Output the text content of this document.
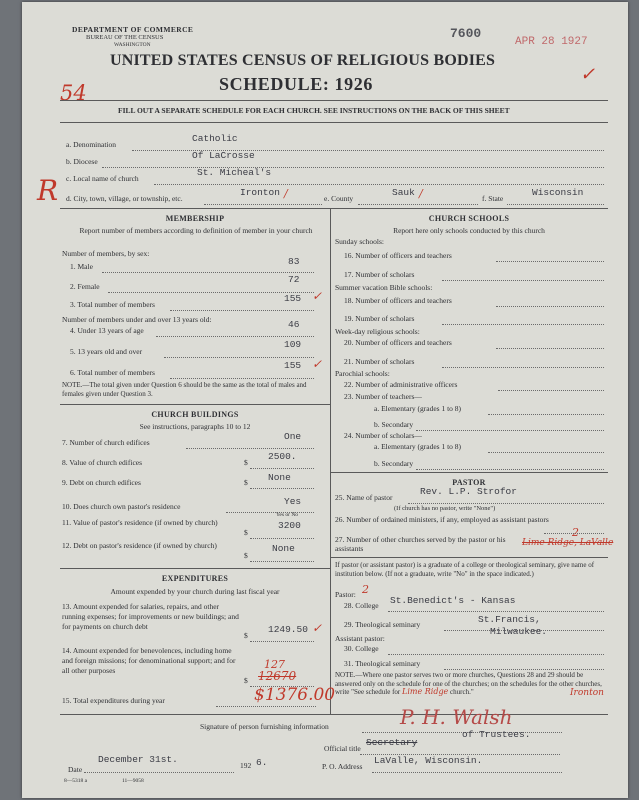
DEPARTMENT OF COMMERCE
BUREAU OF THE CENSUS
WASHINGTON
7600
APR 28 1927
✓
54
UNITED STATES CENSUS OF RELIGIOUS BODIES
SCHEDULE: 1926
FILL OUT A SEPARATE SCHEDULE FOR EACH CHURCH. SEE INSTRUCTIONS ON THE BACK OF THIS SHEET
a. Denomination
Catholic
b. Diocese
Of LaCrosse
c. Local name of church
St. Micheal's
R d. City, town, village, or township, etc.
Ironton /	e. County
Sauk /	f. State
Wisconsin
MEMBERSHIP
Report number of members according to definition of member in your church
Number of members, by sex:
1. Male	83
2. Female
72
3. Total number of members
155 ✓
Number of members under and over 13 years old:
4. Under 13 years of age
46
5. 13 years old and over
109
6. Total number of members
155 ✓
NOTE.—The total given under Question 6 should be the same as the total of males and females given under Question 3.
CHURCH BUILDINGS
See instructions, paragraphs 10 to 12
7. Number of church edifices
One
8. Value of church edifices	$
2500.
9. Debt on church edifices	$ None
10. Does church own pastor's residence	Yes
Yes or No
11. Value of pastor's residence (if owned by church)
$
3200
12. Debt on pastor's residence (if owned by church)
$
None
EXPENDITURES
Amount expended by your church during last fiscal year
13. Amount expended for salaries, repairs, and other running expenses; for improvements or new buildings; and for payments on church debt
$
1249.50 ✓
14. Amount expended for benevolences, including home and foreign missions; for denominational support; and for all other purposes
$
127
12670
15. Total expenditures during year	$1376.00
CHURCH SCHOOLS
Report here only schools conducted by this church
Sunday schools:
16. Number of officers and teachers
17. Number of scholars
Summer vacation Bible schools:
18. Number of officers and teachers
19. Number of scholars
Week-day religious schools:
20. Number of officers and teachers
21. Number of scholars
Parochial schools:
22. Number of administrative officers
23. Number of teachers—
a. Elementary (grades 1 to 8)
b. Secondary
24. Number of scholars—
a. Elementary (grades 1 to 8)
b. Secondary
PASTOR
25. Name of pastor
Rev. L.P. Strofor
(If church has no pastor, write "None")
26. Number of ordained ministers, if any, employed as assistant pastors
27. Number of other churches served by the pastor or his assistants
2
Lime Ridge, LaValle
If pastor (or assistant pastor) is a graduate of a college or theological seminary, give name of institution below. (If not a graduate, write "No" in the space indicated.)
Pastor: 2
28. College St.Benedict's - Kansas
29. Theological seminary	St.Francis,
Milwaukee.
Assistant pastor:
30. College
31. Theological seminary
NOTE.—Where one pastor serves two or more churches, Questions 28 and 29 should be answered only on the schedule for one of the churches; on the schedules for the other churches, write "See schedule for Lime Ridge church."	Ironton
Signature of person furnishing information	P. H. Walsh
Official title
Secretary
of Trustees.
Date
December 31st.
192 6.	P. O. Address
LaValle, Wisconsin.
8—5318 a	11—9058
